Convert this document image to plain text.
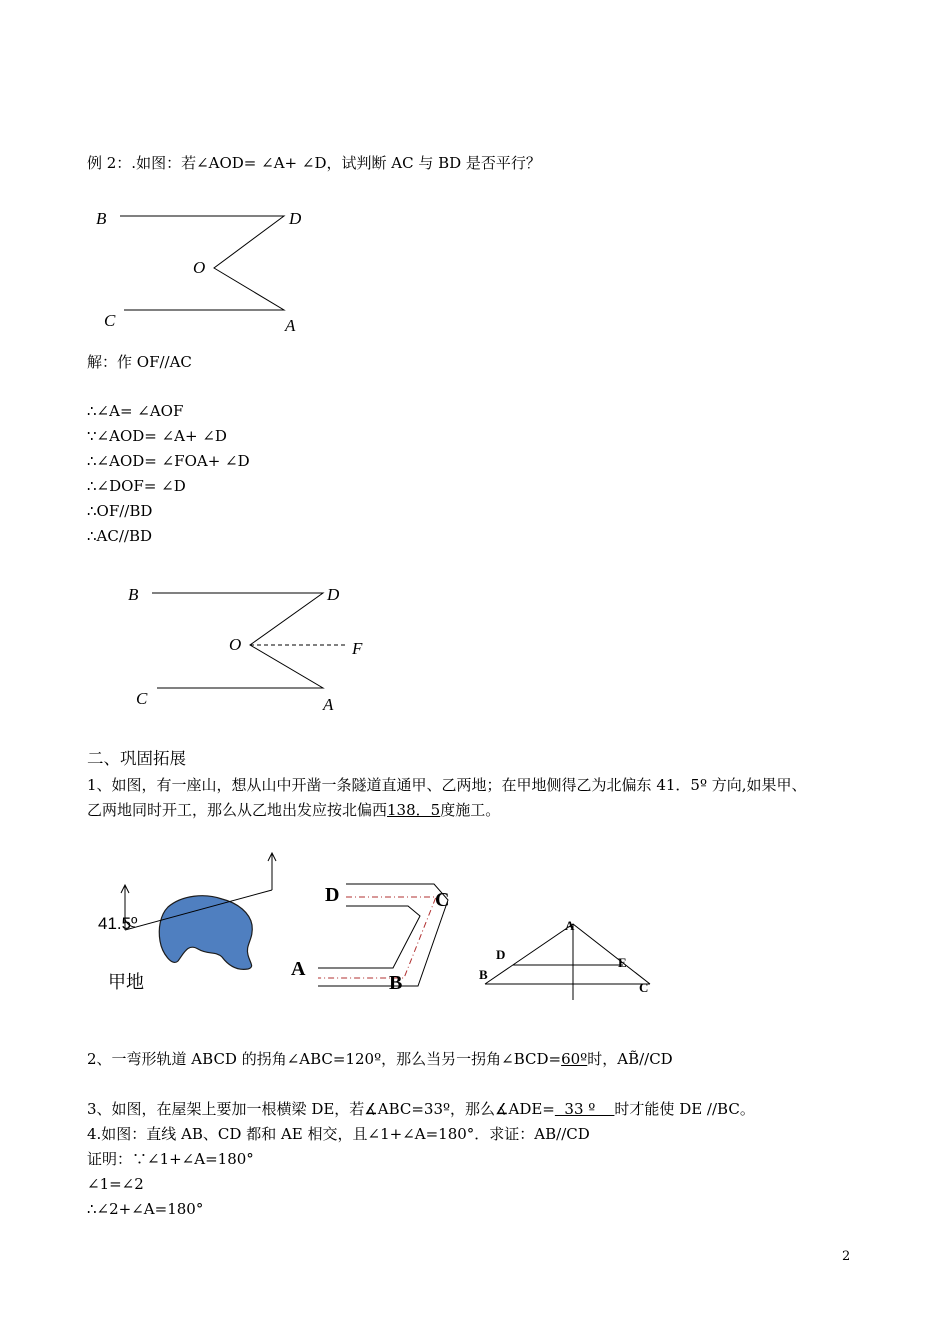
例 2：.如图：若∠AOD= ∠A+ ∠D，试判断 AC 与 BD 是否平行？
B	D
O
C	A
解：作 OF//AC
∴∠A= ∠AOF
∵∠AOD= ∠A+ ∠D
∴∠AOD= ∠FOA+ ∠D
∴∠DOF= ∠D
∴OF//BD
∴AC//BD
B	D
O	F
C	A
二、巩固拓展
1、如图，有一座山，想从山中开凿一条隧道直通甲、乙两地；在甲地侧得乙为北偏东 41．5º 方向,如果甲、
乙两地同时开工，那么从乙地出发应按北偏西138．5度施工。
41.5º
甲地
D	C
A
B
A
D
E
B
C
2、一弯形轨道 ABCD 的拐角∠ABC=120º，那么当另一拐角∠BCD=60º时，AB̃//CD
3、如图，在屋架上要加一根横梁 DE，若∡ABC=33º，那么∡ADE=  33 º    时才能使 DE //BC。
4.如图：直线 AB、CD 都和 AE 相交，且∠1+∠A=180°．求证：AB//CD
证明：∵∠1+∠A=180°
∠1=∠2
∴∠2+∠A=180°
2
